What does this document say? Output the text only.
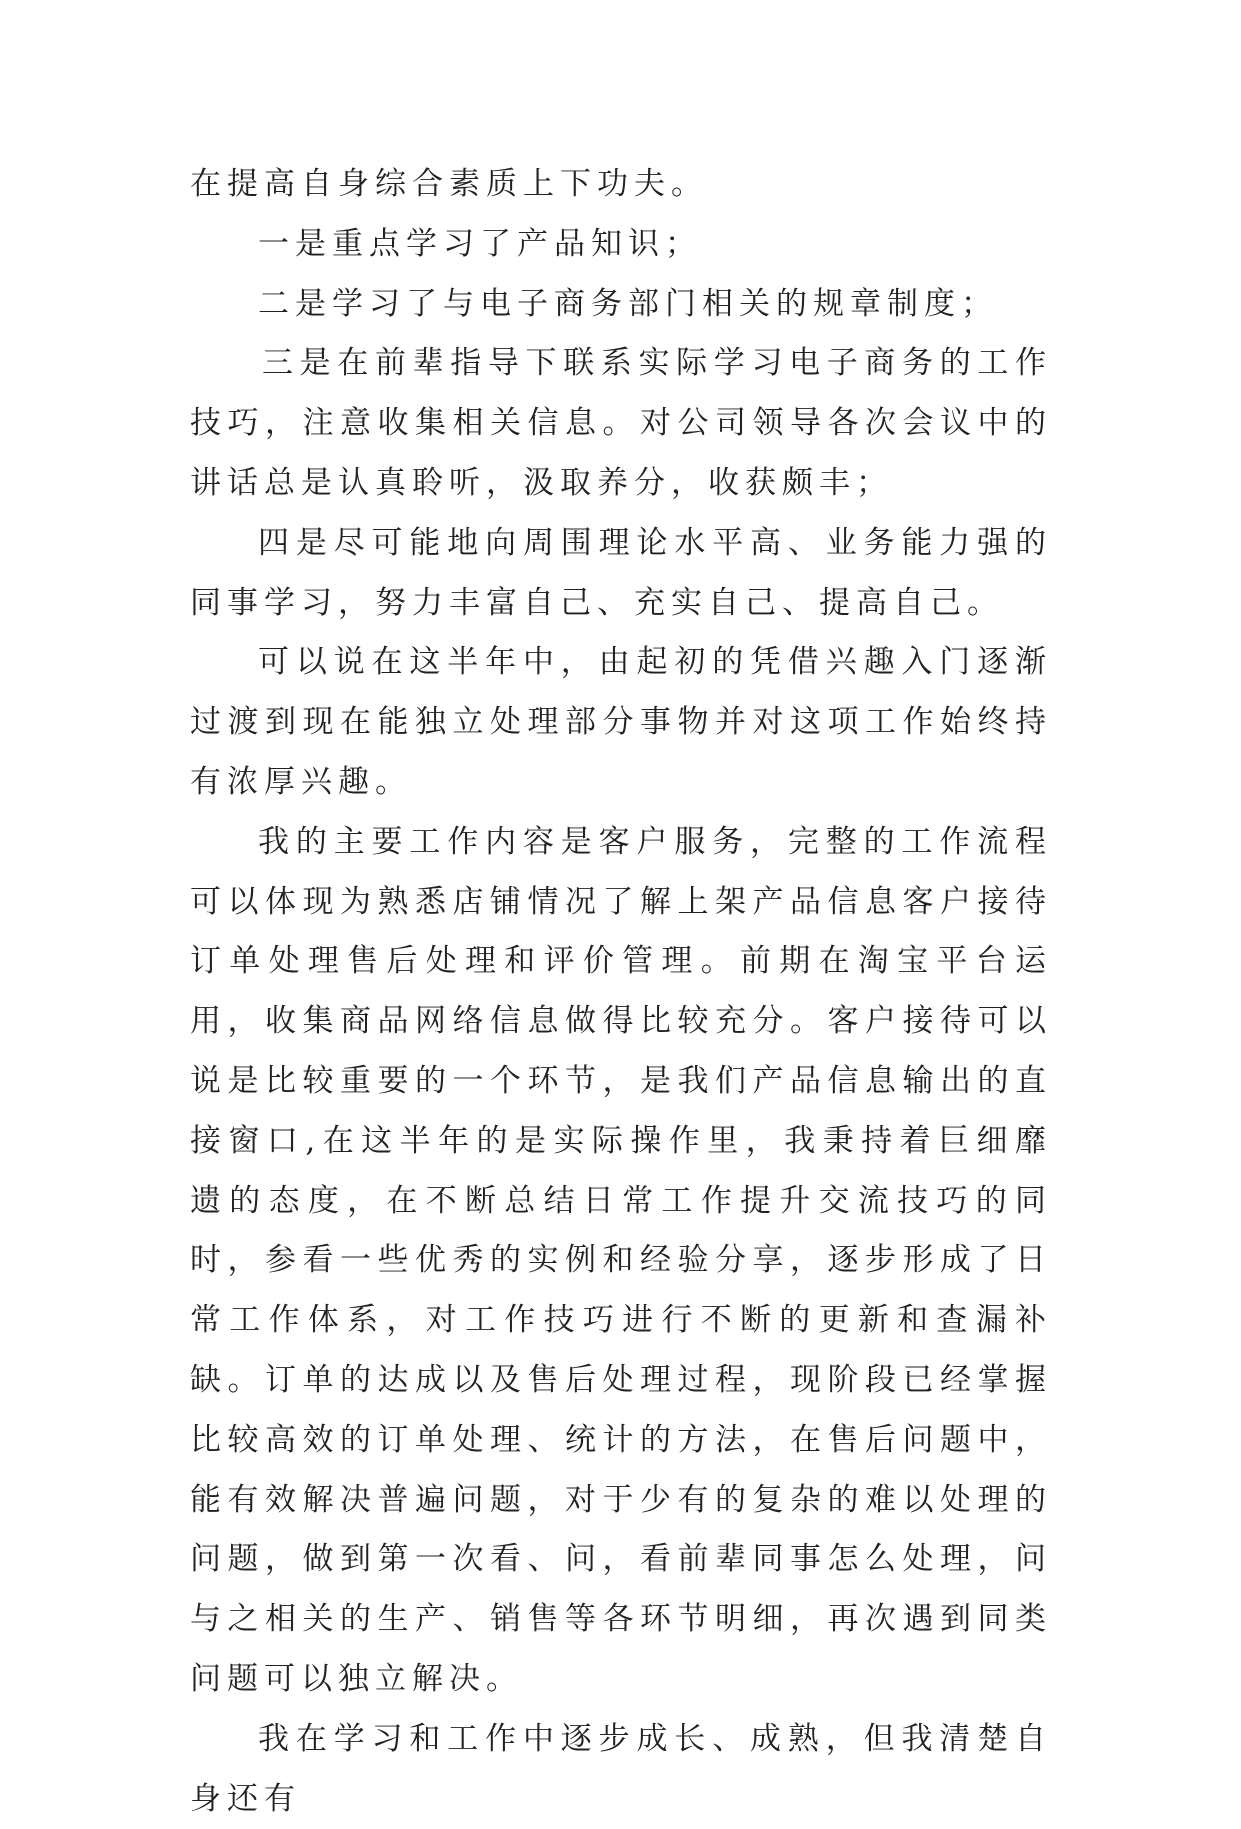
在提高自身综合素质上下功夫。

一是重点学习了产品知识；

二是学习了与电子商务部门相关的规章制度；

三是在前辈指导下联系实际学习电子商务的工作技巧，注意收集相关信息。对公司领导各次会议中的讲话总是认真聆听，汲取养分，收获颇丰；

四是尽可能地向周围理论水平高、业务能力强的同事学习，努力丰富自己、充实自己、提高自己。

可以说在这半年中，由起初的凭借兴趣入门逐渐过渡到现在能独立处理部分事物并对这项工作始终持有浓厚兴趣。

我的主要工作内容是客户服务，完整的工作流程可以体现为熟悉店铺情况了解上架产品信息客户接待订单处理售后处理和评价管理。前期在淘宝平台运用，收集商品网络信息做得比较充分。客户接待可以说是比较重要的一个环节，是我们产品信息输出的直接窗口,在这半年的是实际操作里，我秉持着巨细靡遗的态度，在不断总结日常工作提升交流技巧的同时，参看一些优秀的实例和经验分享，逐步形成了日常工作体系，对工作技巧进行不断的更新和查漏补缺。订单的达成以及售后处理过程，现阶段已经掌握比较高效的订单处理、统计的方法，在售后问题中，能有效解决普遍问题，对于少有的复杂的难以处理的问题，做到第一次看、问，看前辈同事怎么处理，问与之相关的生产、销售等各环节明细，再次遇到同类问题可以独立解决。

我在学习和工作中逐步成长、成熟，但我清楚自身还有
